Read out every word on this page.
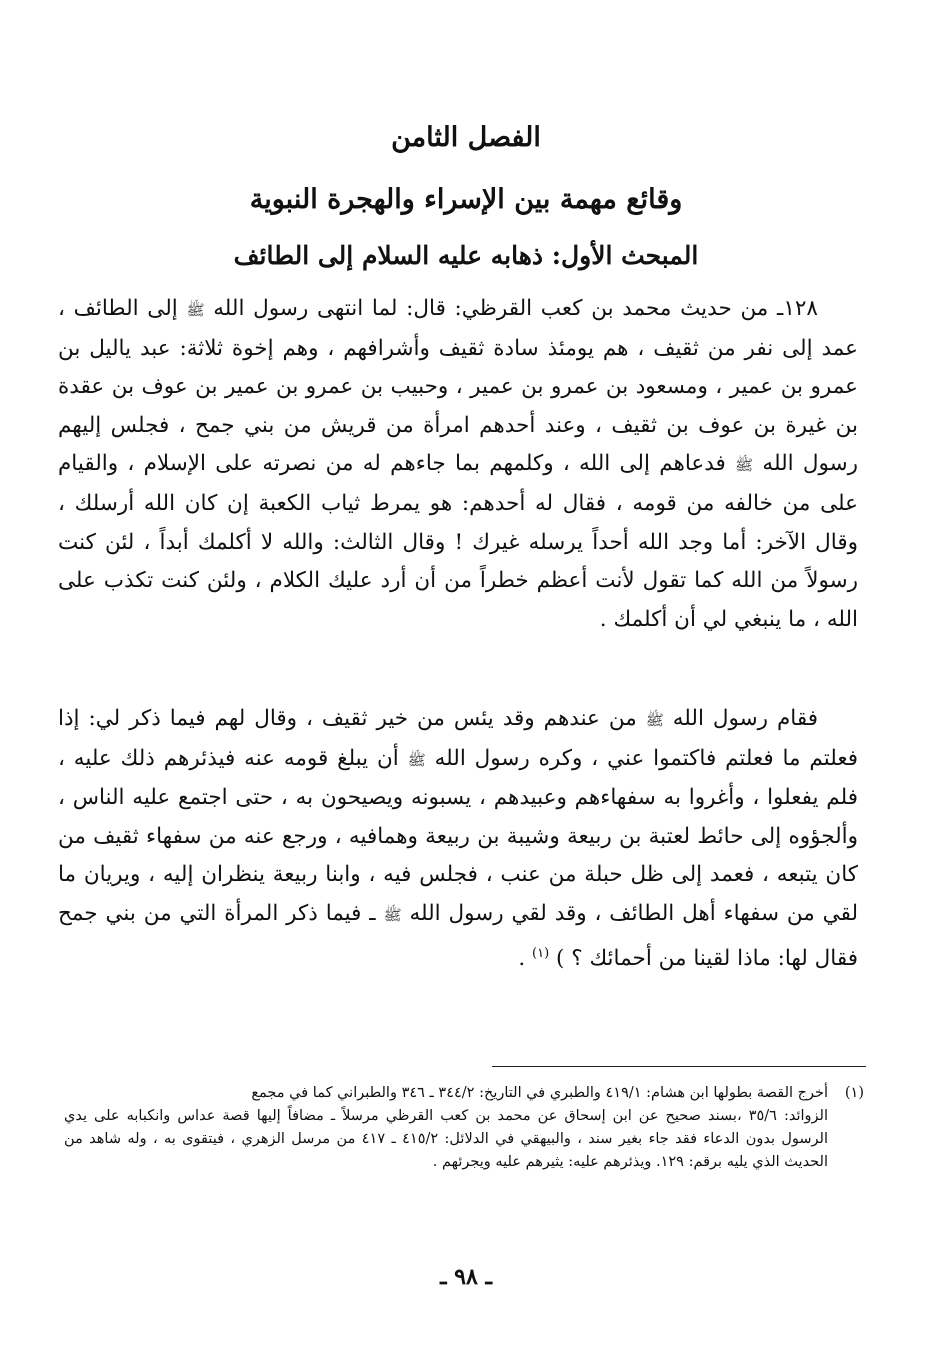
الفصل الثامن
وقائع مهمة بين الإسراء والهجرة النبوية
المبحث الأول: ذهابه عليه السلام إلى الطائف

١٢٨ـ من حديث محمد بن كعب القرظي: قال: لما انتهى رسول الله ﷺ إلى الطائف ، عمد إلى نفر من ثقيف ، هم يومئذ سادة ثقيف وأشرافهم ، وهم إخوة ثلاثة: عبد ياليل بن عمرو بن عمير ، ومسعود بن عمرو بن عمير ، وحبيب بن عمرو بن عمير بن عوف بن عقدة بن غيرة بن عوف بن ثقيف ، وعند أحدهم امرأة من قريش من بني جمح ، فجلس إليهم رسول الله ﷺ فدعاهم إلى الله ، وكلمهم بما جاءهم له من نصرته على الإسلام ، والقيام على من خالفه من قومه ، فقال له أحدهم: هو يمرط ثياب الكعبة إن كان الله أرسلك ، وقال الآخر: أما وجد الله أحداً يرسله غيرك ! وقال الثالث: والله لا أكلمك أبداً ، لئن كنت رسولاً من الله كما تقول لأنت أعظم خطراً من أن أرد عليك الكلام ، ولئن كنت تكذب على الله ، ما ينبغي لي أن أكلمك .

فقام رسول الله ﷺ من عندهم وقد يئس من خير ثقيف ، وقال لهم فيما ذكر لي: إذا فعلتم ما فعلتم فاكتموا عني ، وكره رسول الله ﷺ أن يبلغ قومه عنه فيذئرهم ذلك عليه ، فلم يفعلوا ، وأغروا به سفهاءهم وعبيدهم ، يسبونه ويصيحون به ، حتى اجتمع عليه الناس ، وألجؤوه إلى حائط لعتبة بن ربيعة وشيبة بن ربيعة وهمافيه ، ورجع عنه من سفهاء ثقيف من كان يتبعه ، فعمد إلى ظل حبلة من عنب ، فجلس فيه ، وابنا ربيعة ينظران إليه ، ويريان ما لقي من سفهاء أهل الطائف ، وقد لقي رسول الله ﷺ ـ فيما ذكر المرأة التي من بني جمح فقال لها: ماذا لقينا من أحمائك ؟ ) $^{(١)}$ .

(١)أخرج القصة بطولها ابن هشام: ٤١٩/١ والطبري في التاريخ: ٣٤٤/٢ ـ ٣٤٦ والطبراني كما في مجمع
الزوائد: ٣٥/٦ ،بسند صحيح عن ابن إسحاق عن محمد بن كعب القرظي مرسلاً ـ مضافاً إليها قصة عداس وانكبابه على يدي الرسول بدون الدعاء فقد جاء بغير سند ، والبيهقي في الدلائل: ٤١٥/٢ ـ ٤١٧ من مرسل الزهري ، فيتقوى به ، وله شاهد من الحديث الذي يليه برقم: ١٢٩. ويذئرهم عليه: يثيرهم عليه ويجرئهم .
ـ ٩٨ ـ
